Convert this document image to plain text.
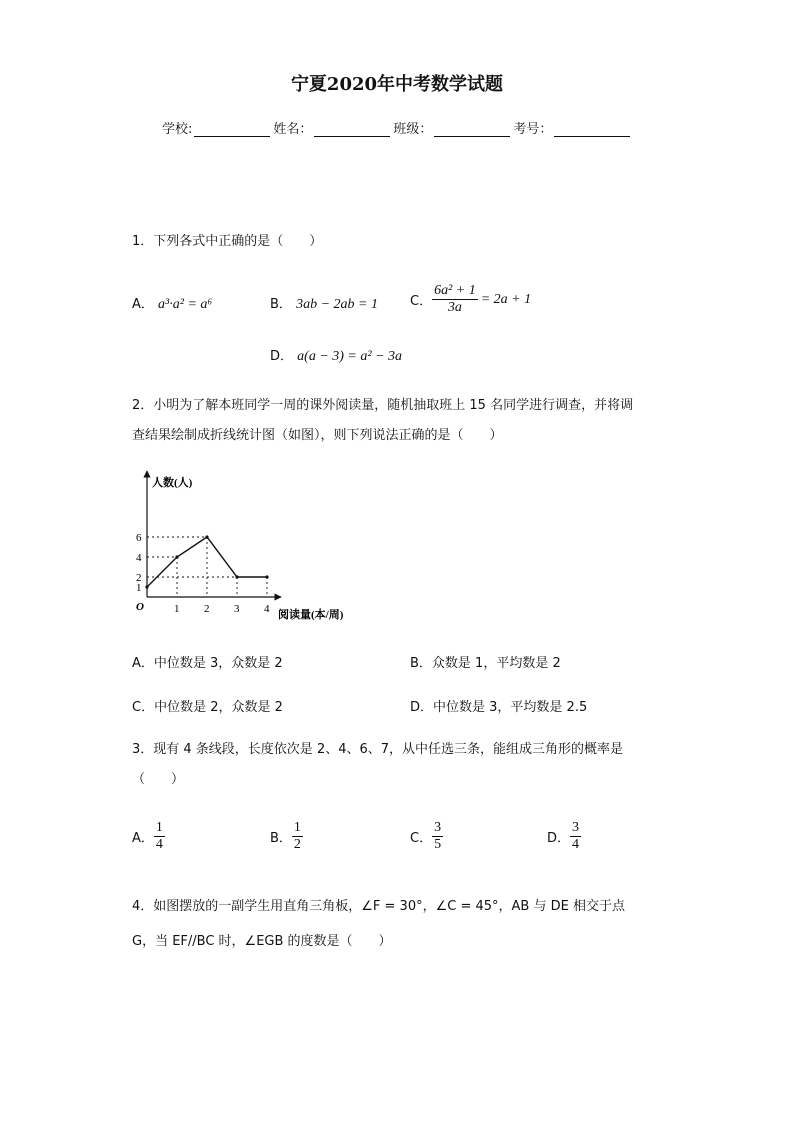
宁夏2020年中考数学试题
学校:	姓名：	班级：	考号：
1．下列各式中正确的是（　　）
A． a³·a² = a⁶	B． 3ab − 2ab = 1 C． $\frac{\text{6a² + 1}}{3a} = 2a + 1$
D． a(a − 3) = a² − 3a
2．小明为了解本班同学一周的课外阅读量，随机抽取班上 15 名同学进行调查，并将调
查结果绘制成折线统计图（如图），则下列说法正确的是（　　）
1 2 3 4
1
2
4
6
人数(人)
阅读量(本/周)
O
A．中位数是 3，众数是 2	B．众数是 1，平均数是 2
C．中位数是 2，众数是 2	D．中位数是 3，平均数是 2.5
3．现有 4 条线段，长度依次是 2、4、6、7，从中任选三条，能组成三角形的概率是
（　　）
A． $\frac{1}{4}$	B． $\frac{1}{2}$	C． $\frac{3}{5}$	D． $\frac{3}{4}$
4．如图摆放的一副学生用直角三角板，∠F = 30°，∠C = 45°，AB 与 DE 相交于点
G，当 EF//BC 时，∠EGB 的度数是（　　）
